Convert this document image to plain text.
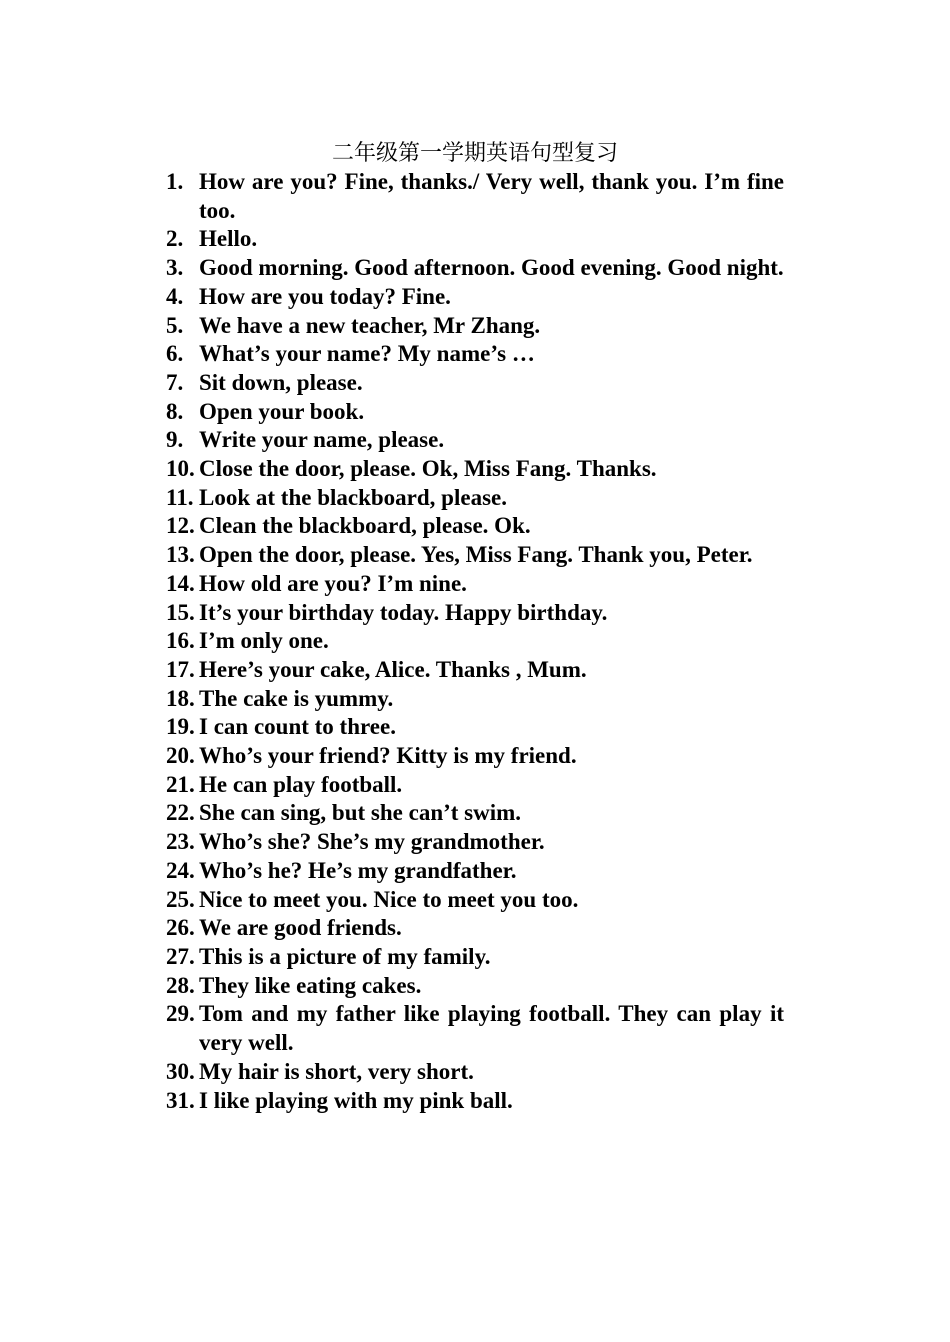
二年级第一学期英语句型复习
1. How are you? Fine, thanks./ Very well, thank you. I’m fine too.
2. Hello.
3. Good morning. Good afternoon. Good evening. Good night.
4. How are you today? Fine.
5. We have a new teacher, Mr Zhang.
6. What’s your name? My name’s …
7. Sit down, please.
8. Open your book.
9. Write your name, please.
10. Close the door, please. Ok, Miss Fang. Thanks.
11. Look at the blackboard, please.
12. Clean the blackboard, please. Ok.
13. Open the door, please. Yes, Miss Fang. Thank you, Peter.
14. How old are you? I’m nine.
15. It’s your birthday today. Happy birthday.
16. I’m only one.
17. Here’s your cake, Alice. Thanks , Mum.
18. The cake is yummy.
19. I can count to three.
20. Who’s your friend? Kitty is my friend.
21. He can play football.
22. She can sing, but she can’t swim.
23. Who’s she? She’s my grandmother.
24. Who’s he? He’s my grandfather.
25. Nice to meet you. Nice to meet you too.
26. We are good friends.
27. This is a picture of my family.
28. They like eating cakes.
29. Tom and my father like playing football. They can play it very well.
30. My hair is short, very short.
31. I like playing with my pink ball.
